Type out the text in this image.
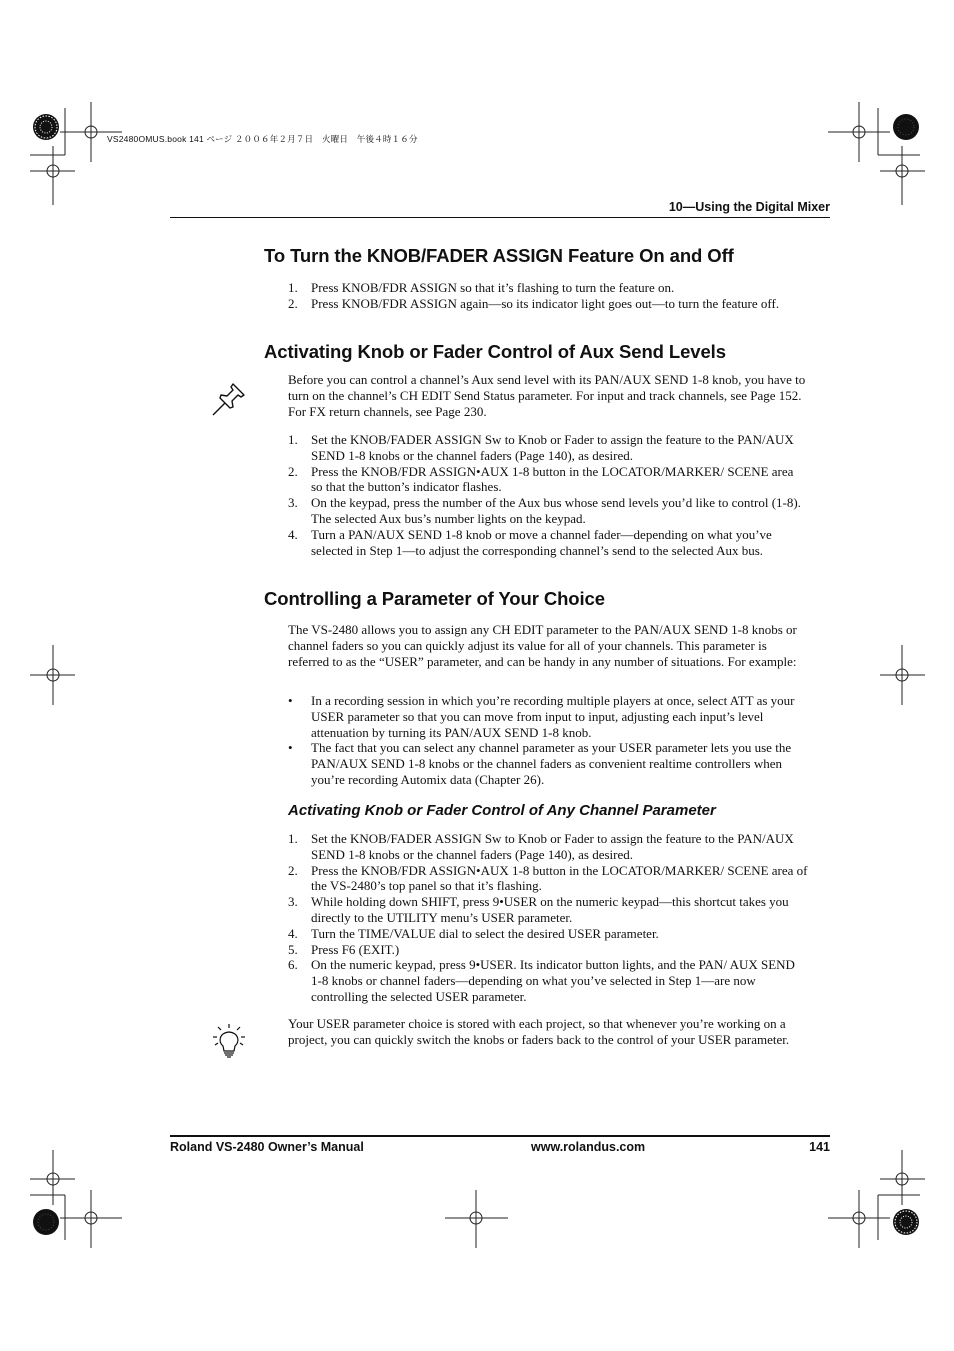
VS2480OMUS.book 141 ページ ２００６年２月７日　火曜日　午後４時１６分
10—Using the Digital Mixer
To Turn the KNOB/FADER ASSIGN Feature On and Off
1. Press KNOB/FDR ASSIGN so that it’s flashing to turn the feature on.
2. Press KNOB/FDR ASSIGN again—so its indicator light goes out—to turn the feature off.
Activating Knob or Fader Control of Aux Send Levels
Before you can control a channel’s Aux send level with its PAN/AUX SEND 1-8 knob, you have to turn on the channel’s CH EDIT Send Status parameter. For input and track channels, see Page 152. For FX return channels, see Page 230.
1. Set the KNOB/FADER ASSIGN Sw to Knob or Fader to assign the feature to the PAN/AUX SEND 1-8 knobs or the channel faders (Page 140), as desired.
2. Press the KNOB/FDR ASSIGN•AUX 1-8 button in the LOCATOR/MARKER/ SCENE area so that the button’s indicator flashes.
3. On the keypad, press the number of the Aux bus whose send levels you’d like to control (1-8). The selected Aux bus’s number lights on the keypad.
4. Turn a PAN/AUX SEND 1-8 knob or move a channel fader—depending on what you’ve selected in Step 1—to adjust the corresponding channel’s send to the selected Aux bus.
Controlling a Parameter of Your Choice
The VS-2480 allows you to assign any CH EDIT parameter to the PAN/AUX SEND 1-8 knobs or channel faders so you can quickly adjust its value for all of your channels. This parameter is referred to as the “USER” parameter, and can be handy in any number of situations. For example:
• In a recording session in which you’re recording multiple players at once, select ATT as your USER parameter so that you can move from input to input, adjusting each input’s level attenuation by turning its PAN/AUX SEND 1-8 knob.
• The fact that you can select any channel parameter as your USER parameter lets you use the PAN/AUX SEND 1-8 knobs or the channel faders as convenient realtime controllers when you’re recording Automix data (Chapter 26).
Activating Knob or Fader Control of Any Channel Parameter
1. Set the KNOB/FADER ASSIGN Sw to Knob or Fader to assign the feature to the PAN/AUX SEND 1-8 knobs or the channel faders (Page 140), as desired.
2. Press the KNOB/FDR ASSIGN•AUX 1-8 button in the LOCATOR/MARKER/ SCENE area of the VS-2480’s top panel so that it’s flashing.
3. While holding down SHIFT, press 9•USER on the numeric keypad—this shortcut takes you directly to the UTILITY menu’s USER parameter.
4. Turn the TIME/VALUE dial to select the desired USER parameter.
5. Press F6 (EXIT.)
6. On the numeric keypad, press 9•USER. Its indicator button lights, and the PAN/ AUX SEND 1-8 knobs or channel faders—depending on what you’ve selected in Step 1—are now controlling the selected USER parameter.
Your USER parameter choice is stored with each project, so that whenever you’re working on a project, you can quickly switch the knobs or faders back to the control of your USER parameter.
Roland VS-2480 Owner’s Manual	www.rolandus.com	141
